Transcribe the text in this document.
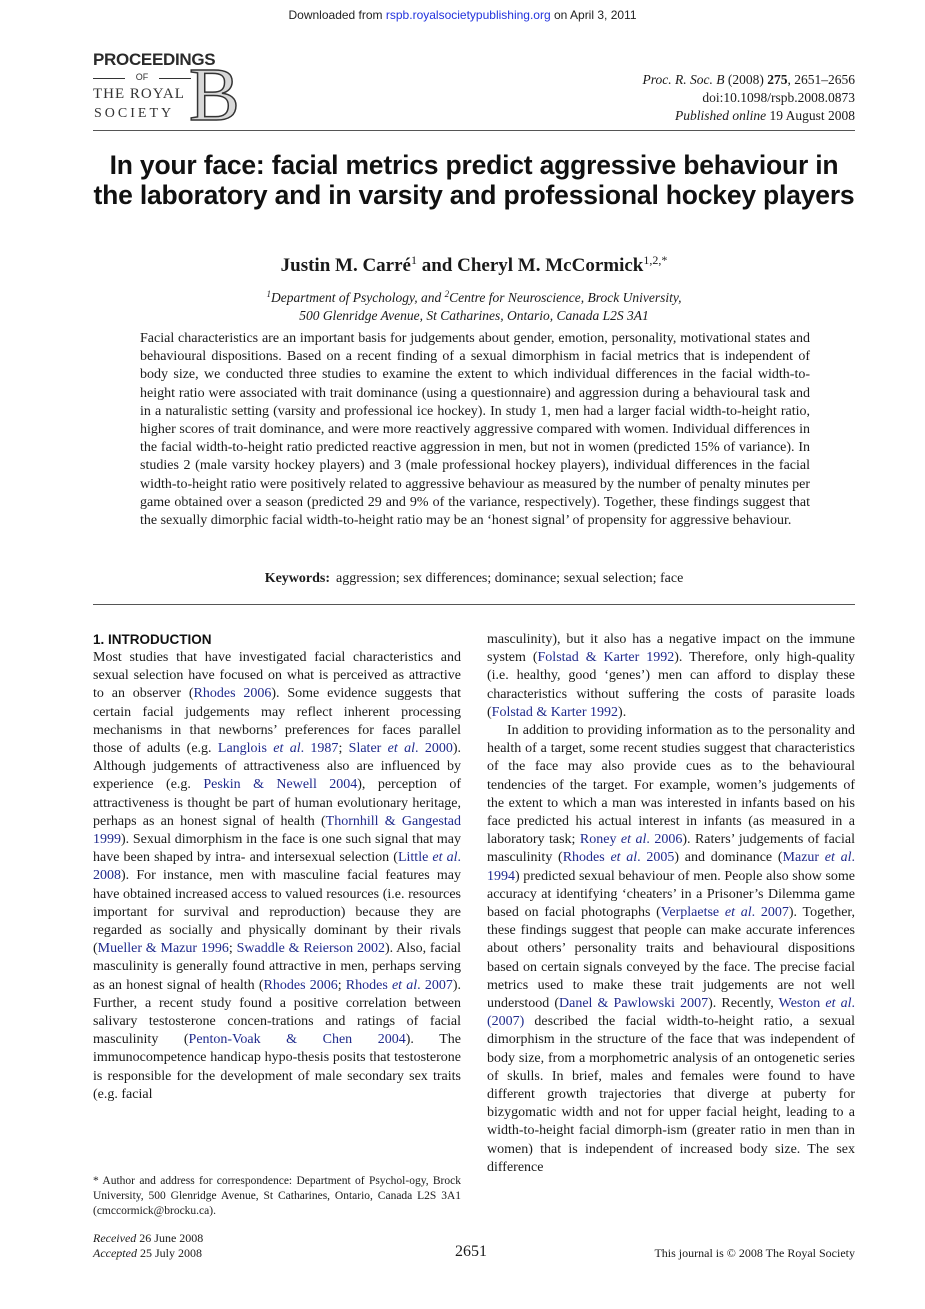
Downloaded from rspb.royalsocietypublishing.org on April 3, 2011
PROCEEDINGS
OF
THE ROYAL
SOCIETY B	Proc. R. Soc. B (2008) 275, 2651–2656
doi:10.1098/rspb.2008.0873
Published online 19 August 2008
In your face: facial metrics predict aggressive behaviour in the laboratory and in varsity and professional hockey players
Justin M. Carré$^1$ and Cheryl M. McCormick$^{1,2,*}$
$^1$Department of Psychology, and $^2$Centre for Neuroscience, Brock University,
500 Glenridge Avenue, St Catharines, Ontario, Canada L2S 3A1

Facial characteristics are an important basis for judgements about gender, emotion, personality, motivational states and behavioural dispositions. Based on a recent finding of a sexual dimorphism in facial metrics that is independent of body size, we conducted three studies to examine the extent to which individual differences in the facial width-to-height ratio were associated with trait dominance (using a questionnaire) and aggression during a behavioural task and in a naturalistic setting (varsity and professional ice hockey). In study 1, men had a larger facial width-to-height ratio, higher scores of trait dominance, and were more reactively aggressive compared with women. Individual differences in the facial width-to-height ratio predicted reactive aggression in men, but not in women (predicted 15% of variance). In studies 2 (male varsity hockey players) and 3 (male professional hockey players), individual differences in the facial width-to-height ratio were positively related to aggressive behaviour as measured by the number of penalty minutes per game obtained over a season (predicted 29 and 9% of the variance, respectively). Together, these findings suggest that the sexually dimorphic facial width-to-height ratio may be an ‘honest signal’ of propensity for aggressive behaviour.

Keywords: aggression; sex differences; dominance; sexual selection; face
1. INTRODUCTION

Most studies that have investigated facial characteristics and sexual selection have focused on what is perceived as attractive to an observer (Rhodes 2006). Some evidence suggests that certain facial judgements may reflect inherent processing mechanisms in that newborns’ preferences for faces parallel those of adults (e.g. Langlois et al. 1987; Slater et al. 2000). Although judgements of attractiveness also are influenced by experience (e.g. Peskin & Newell 2004), perception of attractiveness is thought be part of human evolutionary heritage, perhaps as an honest signal of health (Thornhill & Gangestad 1999). Sexual dimorphism in the face is one such signal that may have been shaped by intra- and intersexual selection (Little et al. 2008). For instance, men with masculine facial features may have obtained increased access to valued resources (i.e. resources important for survival and reproduction) because they are regarded as socially and physically dominant by their rivals (Mueller & Mazur 1996; Swaddle & Reierson 2002). Also, facial masculinity is generally found attractive in men, perhaps serving as an honest signal of health (Rhodes 2006; Rhodes et al. 2007). Further, a recent study found a positive correlation between salivary testosterone concen-trations and ratings of facial masculinity (Penton-Voak & Chen 2004). The immunocompetence handicap hypo-thesis posits that testosterone is responsible for the development of male secondary sex traits (e.g. facial

masculinity), but it also has a negative impact on the immune system (Folstad & Karter 1992). Therefore, only high-quality (i.e. healthy, good ‘genes’) men can afford to display these characteristics without suffering the costs of parasite loads (Folstad & Karter 1992).

In addition to providing information as to the personality and health of a target, some recent studies suggest that characteristics of the face may also provide cues as to the behavioural tendencies of the target. For example, women’s judgements of the extent to which a man was interested in infants based on his face predicted his actual interest in infants (as measured in a laboratory task; Roney et al. 2006). Raters’ judgements of facial masculinity (Rhodes et al. 2005) and dominance (Mazur et al. 1994) predicted sexual behaviour of men. People also show some accuracy at identifying ‘cheaters’ in a Prisoner’s Dilemma game based on facial photographs (Verplaetse et al. 2007). Together, these findings suggest that people can make accurate inferences about others’ personality traits and behavioural dispositions based on certain signals conveyed by the face. The precise facial metrics used to make these trait judgements are not well understood (Danel & Pawlowski 2007). Recently, Weston et al. (2007) described the facial width-to-height ratio, a sexual dimorphism in the structure of the face that was independent of body size, from a morphometric analysis of an ontogenetic series of skulls. In brief, males and females were found to have different growth trajectories that diverge at puberty for bizygomatic width and not for upper facial height, leading to a width-to-height facial dimorph-ism (greater ratio in men than in women) that is independent of increased body size. The sex difference

* Author and address for correspondence: Department of Psychol-ogy, Brock University, 500 Glenridge Avenue, St Catharines, Ontario, Canada L2S 3A1 (cmccormick@brocku.ca).
Received 26 June 2008
Accepted 25 July 2008	2651	This journal is © 2008 The Royal Society
